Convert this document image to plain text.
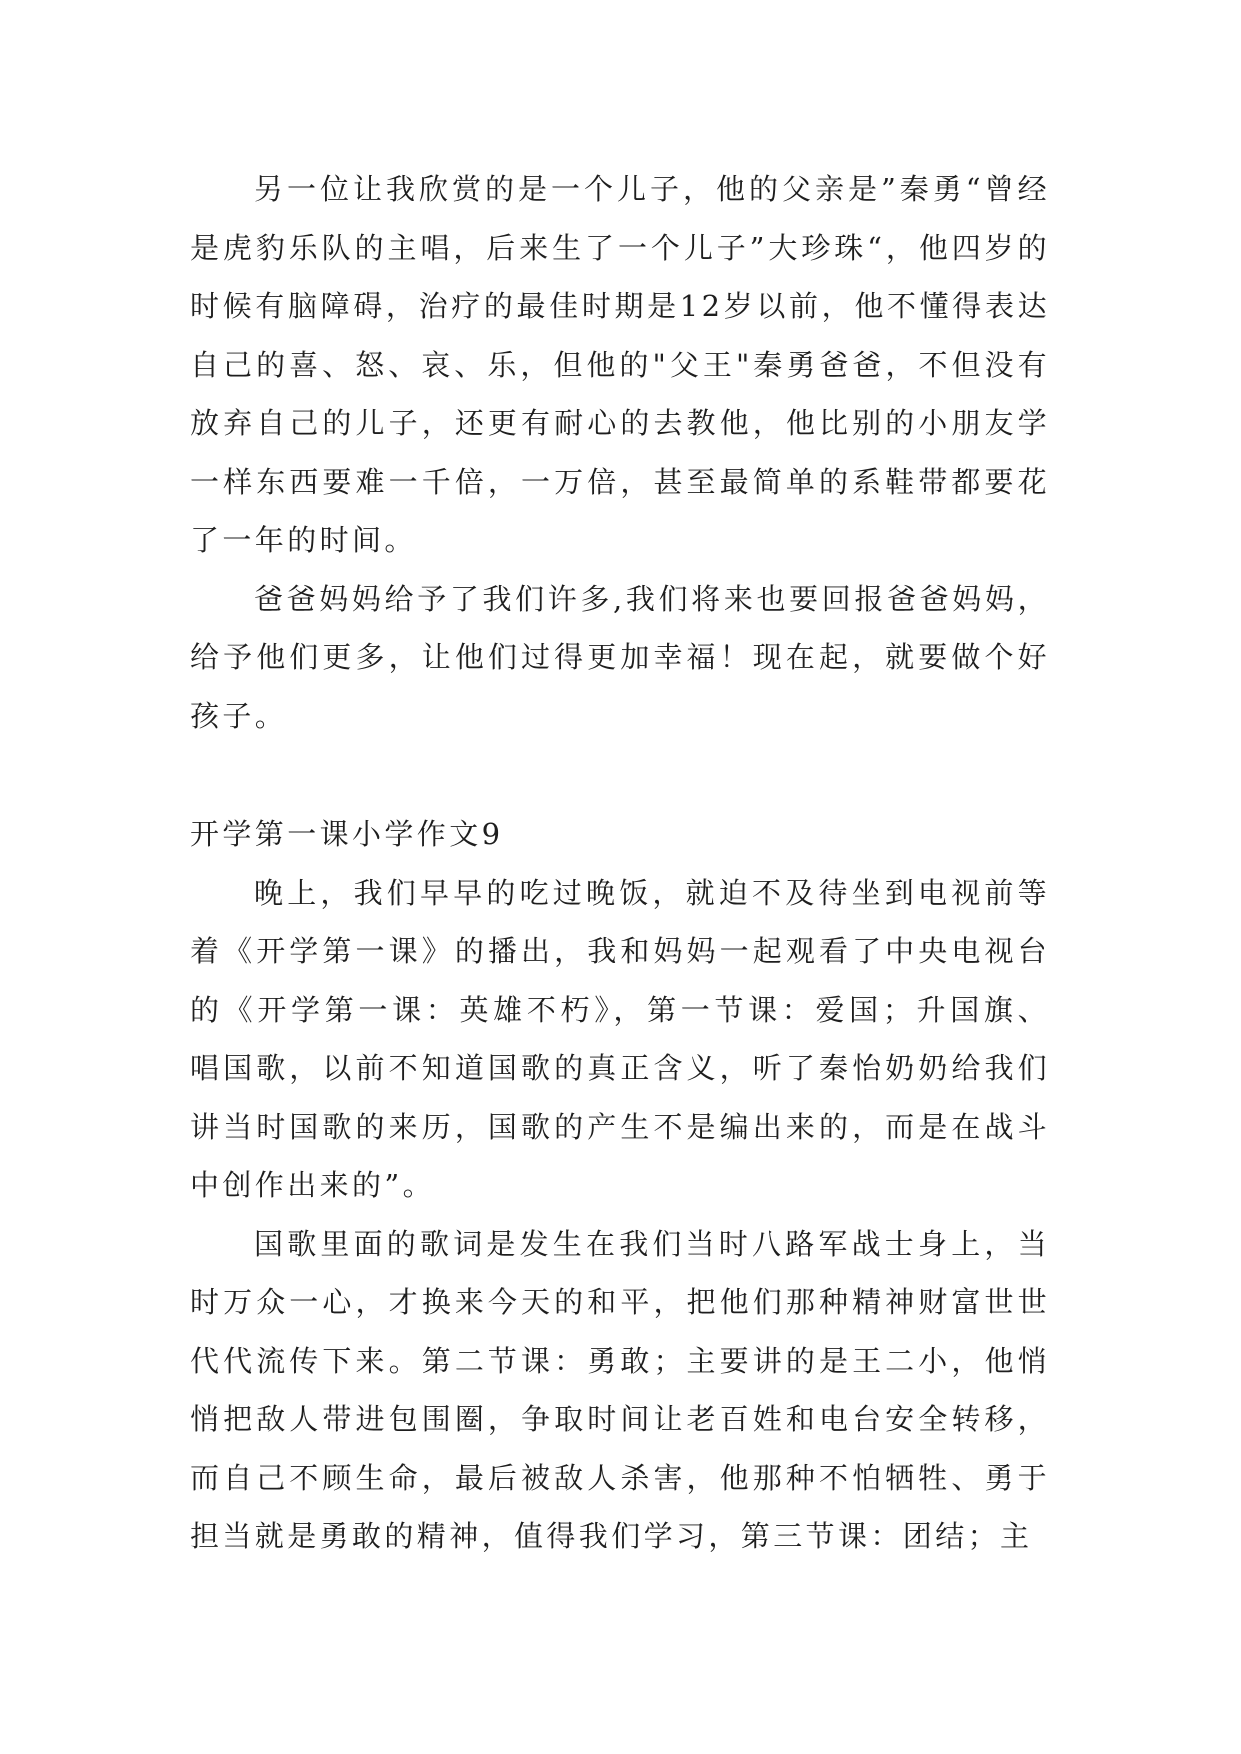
另一位让我欣赏的是一个儿子，他的父亲是”秦勇“曾经是虎豹乐队的主唱，后来生了一个儿子”大珍珠“，他四岁的时候有脑障碍，治疗的最佳时期是12岁以前，他不懂得表达自己的喜、怒、哀、乐，但他的"父王"秦勇爸爸，不但没有放弃自己的儿子，还更有耐心的去教他，他比别的小朋友学一样东西要难一千倍，一万倍，甚至最简单的系鞋带都要花了一年的时间。

爸爸妈妈给予了我们许多,我们将来也要回报爸爸妈妈，给予他们更多，让他们过得更加幸福！现在起，就要做个好孩子。

开学第一课小学作文9

晚上，我们早早的吃过晚饭，就迫不及待坐到电视前等着《开学第一课》的播出，我和妈妈一起观看了中央电视台的《开学第一课：英雄不朽》，第一节课：爱国；升国旗、唱国歌，以前不知道国歌的真正含义，听了秦怡奶奶给我们讲当时国歌的来历，国歌的产生不是编出来的，而是在战斗中创作出来的”。

国歌里面的歌词是发生在我们当时八路军战士身上，当时万众一心，才换来今天的和平，把他们那种精神财富世世代代流传下来。第二节课：勇敢；主要讲的是王二小，他悄悄把敌人带进包围圈，争取时间让老百姓和电台安全转移，而自己不顾生命，最后被敌人杀害，他那种不怕牺牲、勇于担当就是勇敢的精神，值得我们学习，第三节课：团结；主
